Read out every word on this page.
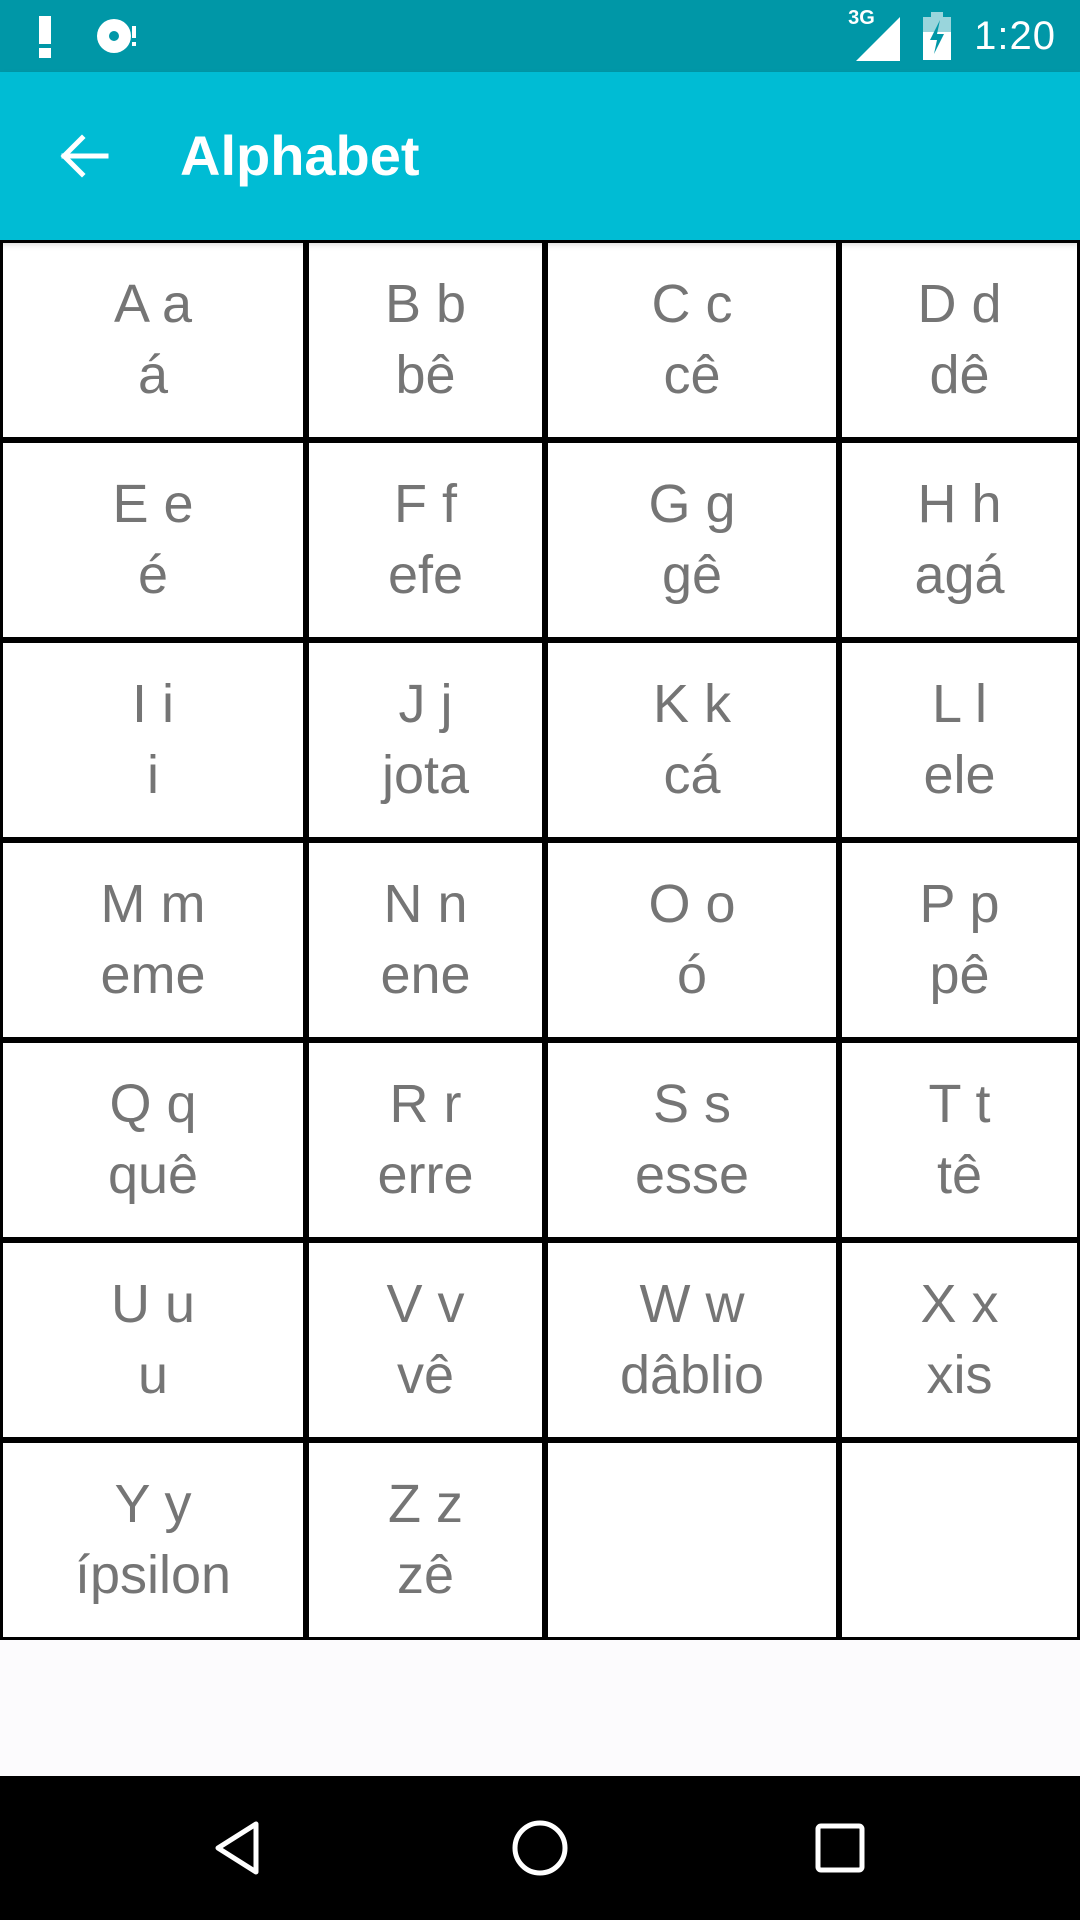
3G 1:20
Alphabet
A a
á
B b
bê
C c
cê
D d
dê
E e
é
F f
efe
G g
gê
H h
agá
I i
i
J j
jota
K k
cá
L l
ele
M m
eme
N n
ene
O o
ó
P p
pê
Q q
quê
R r
erre
S s
esse
T t
tê
U u
u
V v
vê
W w
dâblio
X x
xis
Y y
ípsilon
Z z
zê
